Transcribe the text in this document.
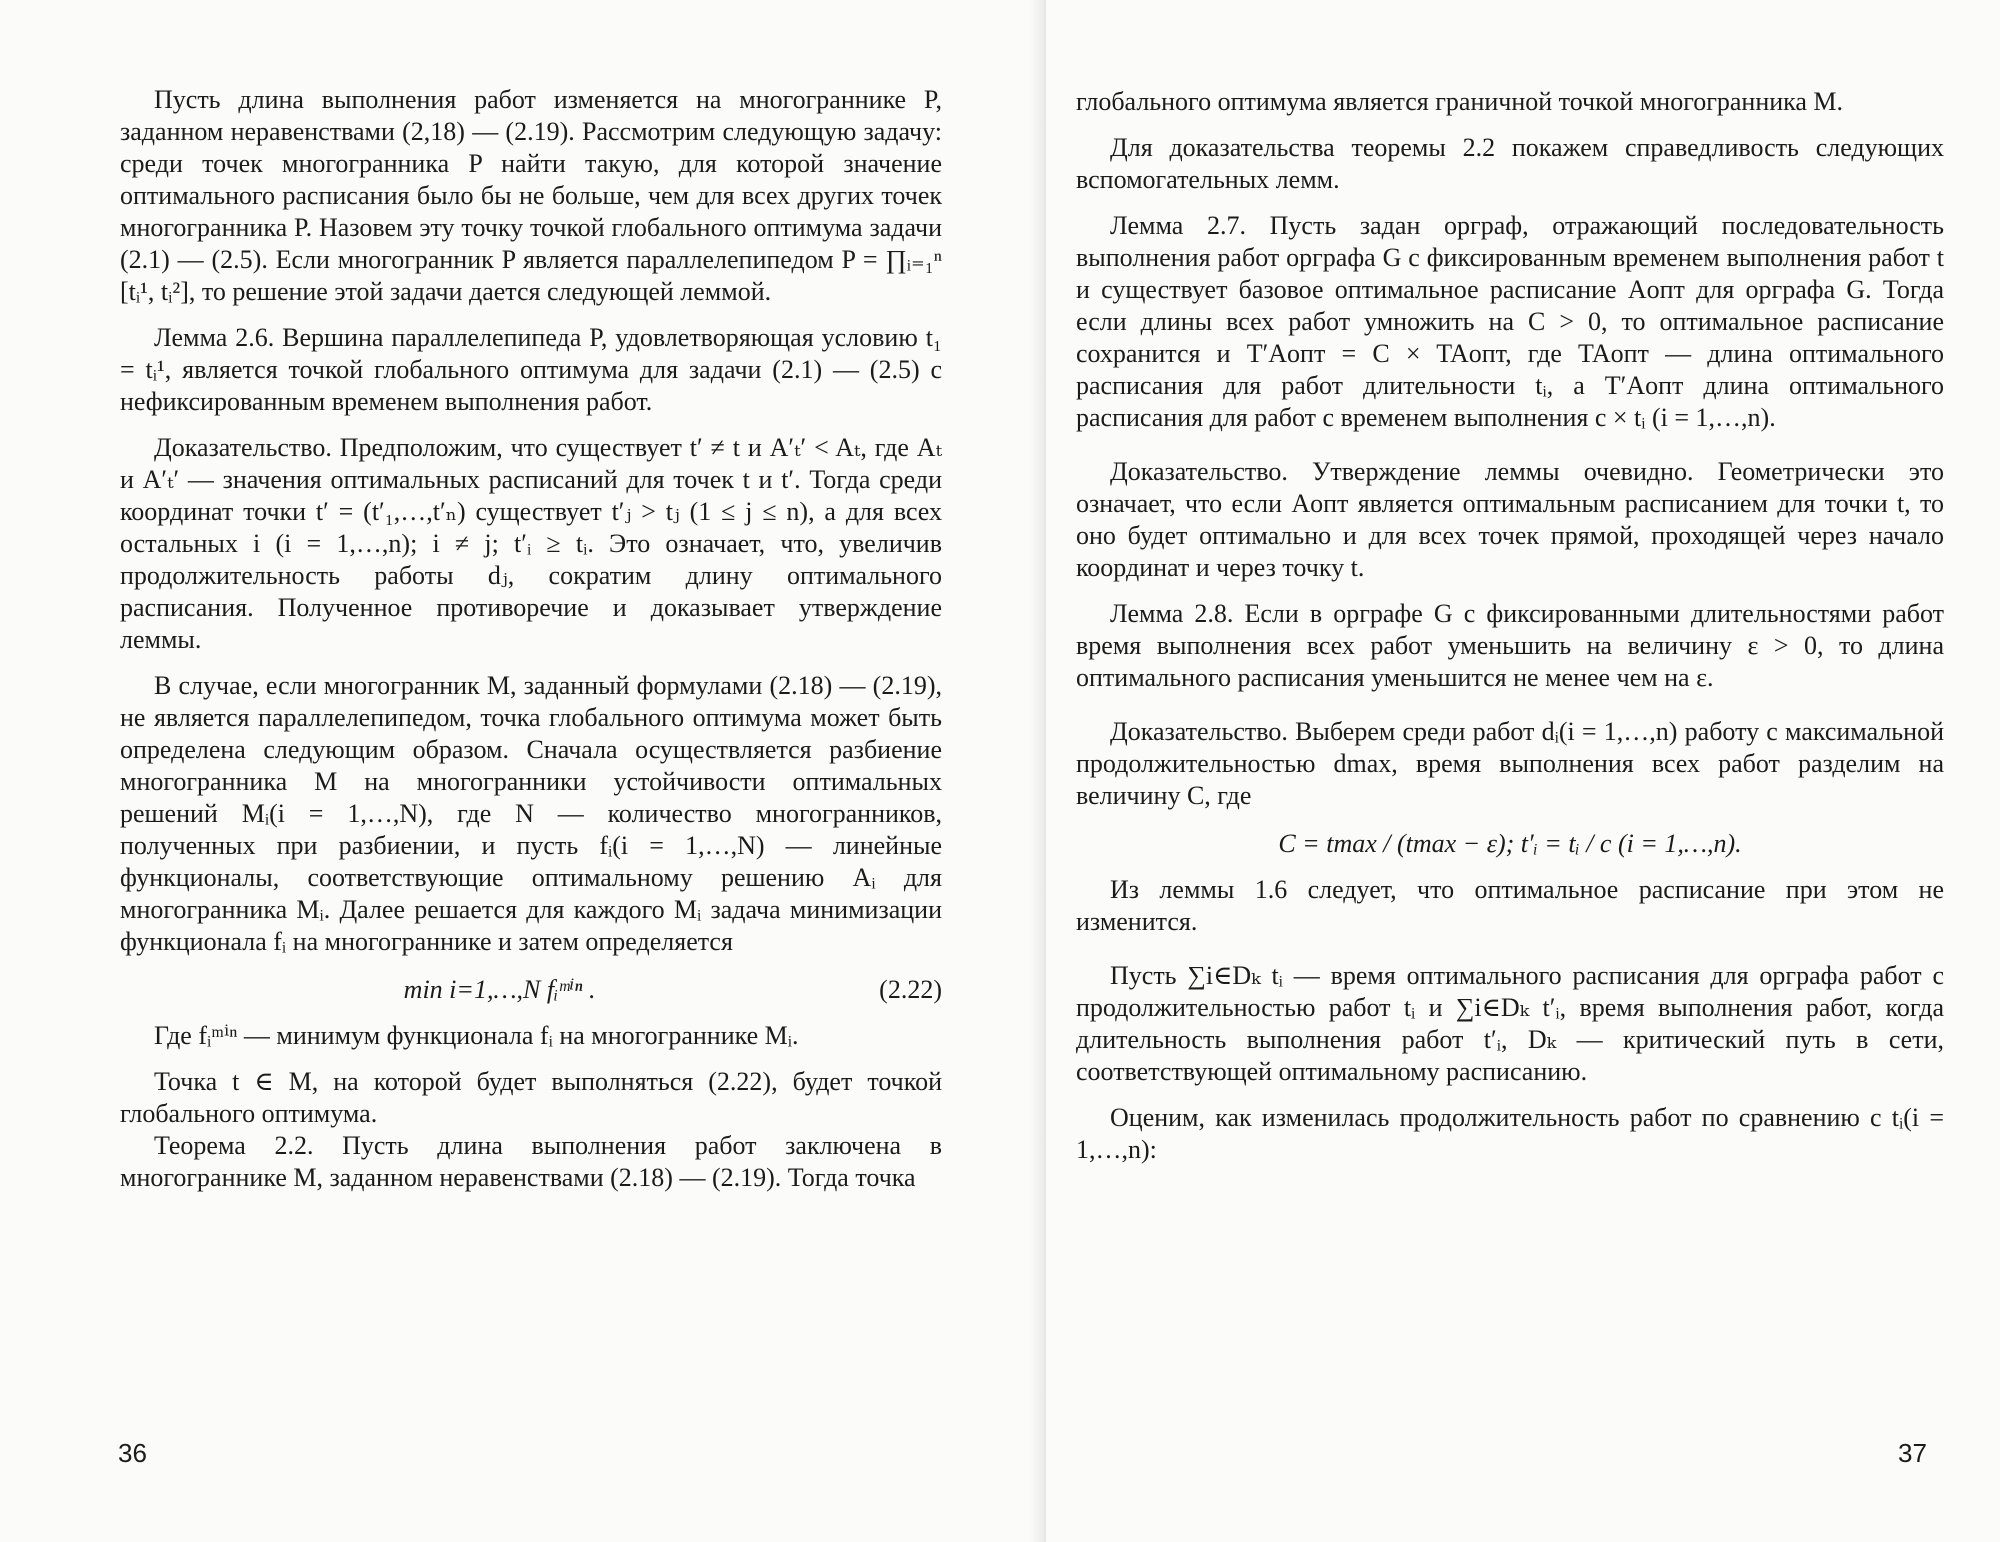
Пусть длина выполнения работ изменяется на многограннике P, заданном неравенствами (2,18) — (2.19). Рассмотрим следующую задачу: среди точек многогранника P найти такую, для которой значение оптимального расписания было бы не больше, чем для всех других точек многогранника P. Назовем эту точку точкой глобального оптимума задачи (2.1) — (2.5). Если многогранник P является параллелепипедом P = ∏ᵢ₌₁ⁿ [tᵢ¹, tᵢ²], то решение этой задачи дается следующей леммой.

Лемма 2.6. Вершина параллелепипеда P, удовлетворяющая условию t₁ = tᵢ¹, является точкой глобального оптимума для задачи (2.1) — (2.5) с нефиксированным временем выполнения работ.

Доказательство. Предположим, что существует t′ ≠ t и A′ₜ′ < Aₜ, где Aₜ и A′ₜ′ — значения оптимальных расписаний для точек t и t′. Тогда среди координат точки t′ = (t′₁,…,t′ₙ) существует t′ⱼ > tⱼ (1 ≤ j ≤ n), а для всех остальных i (i = 1,…,n); i ≠ j; t′ᵢ ≥ tᵢ. Это означает, что, увеличив продолжительность работы dⱼ, сократим длину оптимального расписания. Полученное противоречие и доказывает утверждение леммы.

В случае, если многогранник M, заданный формулами (2.18) — (2.19), не является параллелепипедом, точка глобального оптимума может быть определена следующим образом. Сначала осуществляется разбиение многогранника M на многогранники устойчивости оптимальных решений Mᵢ(i = 1,…,N), где N — количество многогранников, полученных при разбиении, и пусть fᵢ(i = 1,…,N) — линейные функционалы, соответствующие оптимальному решению Aᵢ для многогранника Mᵢ. Далее решается для каждого Mᵢ задача минимизации функционала fᵢ на многограннике и затем определяется

(2.22)
min i=1,…,N fᵢᵐⁱⁿ .

Где fᵢᵐⁱⁿ — минимум функционала fᵢ на многограннике Mᵢ.

Точка t ∈ M, на которой будет выполняться (2.22), будет точкой глобального оптимума.

Теорема 2.2. Пусть длина выполнения работ заключена в многограннике M, заданном неравенствами (2.18) — (2.19). Тогда точка

36

глобального оптимума является граничной точкой многогранника M.

Для доказательства теоремы 2.2 покажем справедливость следующих вспомогательных лемм.

Лемма 2.7. Пусть задан орграф, отражающий последовательность выполнения работ орграфа G с фиксированным временем выполнения работ t и существует базовое оптимальное расписание Aопт для орграфа G. Тогда если длины всех работ умножить на C > 0, то оптимальное расписание сохранится и T′Aопт = C × TAопт, где TAопт — длина оптимального расписания для работ длительности tᵢ, а T′Aопт длина оптимального расписания для работ с временем выполнения c × tᵢ (i = 1,…,n).

Доказательство. Утверждение леммы очевидно. Геометрически это означает, что если Aопт является оптимальным расписанием для точки t, то оно будет оптимально и для всех точек прямой, проходящей через начало координат и через точку t.

Лемма 2.8. Если в орграфе G с фиксированными длительностями работ время выполнения всех работ уменьшить на величину ε > 0, то длина оптимального расписания уменьшится не менее чем на ε.

Доказательство. Выберем среди работ dᵢ(i = 1,…,n) работу с максимальной продолжительностью dmax, время выполнения всех работ разделим на величину C, где

C = tmax / (tmax − ε); t′ᵢ = tᵢ / c (i = 1,…,n).

Из леммы 1.6 следует, что оптимальное расписание при этом не изменится.

Пусть ∑i∈Dₖ tᵢ — время оптимального расписания для орграфа работ с продолжительностью работ tᵢ и ∑i∈Dₖ t′ᵢ, время выполнения работ, когда длительность выполнения работ t′ᵢ, Dₖ — критический путь в сети, соответствующей оптимальному расписанию.

Оценим, как изменилась продолжительность работ по сравнению с tᵢ(i = 1,…,n):

37
